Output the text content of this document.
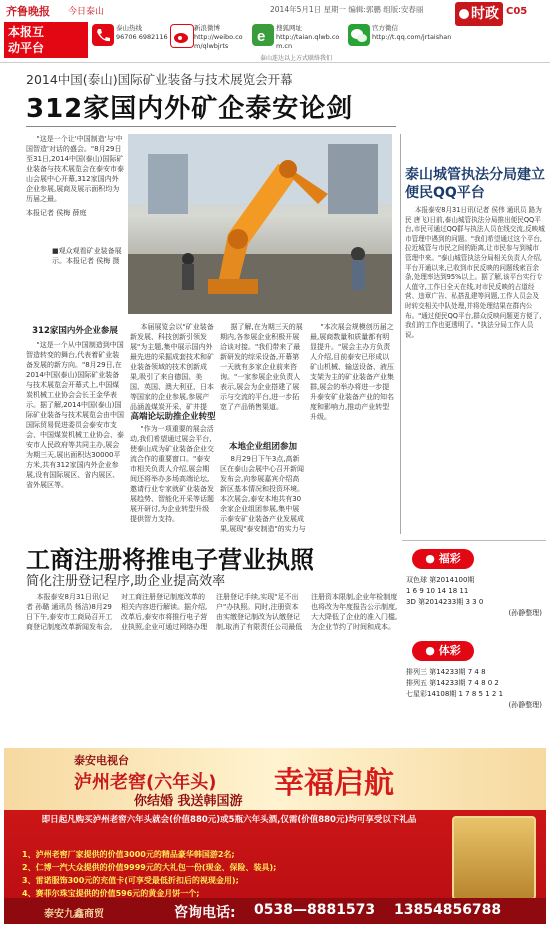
齐鲁晚报 今日泰山	2014年5月1日 星期一 编辑:郭鹏 组版:安春丽	时政 C05
本报互
动平台
泰山热线
96706 6982116
新浪微博
http://weibo.com/qlwbjrts
e 搜狐网址
http://taian.qlwb.com.cn
官方微信
http://t.qq.com/jrtaishan
泰山连达以上方式联络我们
2014中国(泰山)国际矿业装备与技术展览会开幕
312家国内外矿企泰安论剑

"这是一个让'中国制造'与'中国智造'对话的盛会。"8月29日至31日,2014中国(泰山)国际矿业装备与技术展览会在泰安市泰山会展中心开幕,312家国内外企业参展,展商及展示面积均为历届之最。

本报记者 侯梅 薛庭
■观众观看矿业装备展示。本报记者 侯梅 摄
312家国内外企业参展

"这是一个从中国制造到中国智造转变的舞台,代表着矿业装备发展的新方向。"8月29日,在2014中国(泰山)国际矿业装备与技术展览会开幕式上,中国煤炭机械工业协会会长王金华表示。据了解,2014中国(泰山)国际矿业装备与技术展览会由中国国际贸易促进委员会泰安市支会、中国煤炭机械工业协会、泰安市人民政府等共同主办,展会为期三天,展出面积达30000平方米,共有312家国内外企业参展,设有国际展区、省内展区、省外展区等。

本届展览会以"矿业装备新发展、科技创新引领发展"为主题,集中展示国内外最先进的采掘成套技术和矿业装备领域的技术创新成果,吸引了来自德国、美国、英国、澳大利亚、日本等国家的企业参展,参展产品涵盖煤炭开采、矿井提

高端论坛助推企业转型

"作为一项重要的展会活动,我们希望通过展会平台,使泰山成为矿业装备企业交流合作的重要窗口。"泰安市相关负责人介绍,展会期间还将举办多场高端论坛,邀请行业专家就矿业装备发展趋势、智能化开采等话题展开研讨,为企业转型升级提供智力支持。

据了解,在为期三天的展期内,各参展企业积极开展洽谈对接。"我们带来了最新研发的综采设备,开幕第一天就有多家企业前来咨询。"一家参展企业负责人表示,展会为企业搭建了展示与交流的平台,进一步拓宽了产品销售渠道。

本地企业组团参加

8月29日下午3点,高新区在泰山会展中心召开新闻发布会,向参展嘉宾介绍高新区基本情况和投资环境。本次展会,泰安本地共有30余家企业组团参展,集中展示泰安矿业装备产业发展成果,展现"泰安制造"的实力与

"本次展会规模创历届之最,展商数量和质量都有明显提升。"展会主办方负责人介绍,目前泰安已形成以矿山机械、输送设备、液压支架为主的矿业装备产业集群,展会的举办将进一步提升泰安矿业装备产业的知名度和影响力,推动产业转型升级。

泰山城管执法分局建立便民QQ平台

本报泰安8月31日讯(记者 侯伟 通讯员 路为民 唐飞)日前,泰山城管执法分局推出便民QQ平台,市民可通过QQ群与执法人员在线交流,反映城市管理中遇到的问题。"我们希望通过这个平台,拉近城管与市民之间的距离,让市民参与到城市管理中来。"泰山城管执法分局相关负责人介绍,平台开通以来,已收到市民反映的问题线索百余条,处理率达到95%以上。据了解,该平台实行专人值守,工作日全天在线,对市民反映的占道经营、违章广告、私搭乱建等问题,工作人员会及时转交相关中队处理,并将处理结果在群内公布。"通过便民QQ平台,群众反映问题更方便了,我们的工作也更透明了。"执法分局工作人员说。

工商注册将推电子营业执照
简化注册登记程序,助企业提高效率

本报泰安8月31日讯(记者 孙璐 通讯员 杨洁)8月29日下午,泰安市工商局召开工商登记制度改革新闻发布会,对工商注册登记制度改革的相关内容进行解读。据介绍,改革后,泰安市将推行电子营业执照,企业可通过网络办理注册登记手续,实现"足不出户"办执照。同时,注册资本由实缴登记制改为认缴登记制,取消了有限责任公司最低注册资本限制,企业年检制度也将改为年度报告公示制度,大大降低了企业的准入门槛,为企业节约了时间和成本。

● 福彩
双色球 第2014100期
1 6 9 10 14 18 11
3D 第2014233期 3 3 0
(孙静整理)
● 体彩
排列三 第14233期 7 4 8
排列五 第14233期 7 4 8 0 2
七星彩14108期 1 7 8 5 1 2 1
(孙静整理)
泰安电视台
泸州老窖(六年头) 幸福启航
你结婚 我送韩国游
即日起凡购买泸州老窖六年头就会(价值880元)或5瓶六年头酒,仅需(价值880元)均可享受以下礼品
1、泸州老窖厂家提供的价值3000元的精品豪华韩国游2名;
2、仁博一汽大众提供的价值9999元的大礼包一份(现金、保险、装具);
3、雷诺服饰300元的充值卡(可享受最低折扣后的视现金用);
4、赛菲尔珠宝提供的价值596元的黄金月饼一个;
泰安九鑫商贸	咨询电话: 0538—8881573 13854856788
